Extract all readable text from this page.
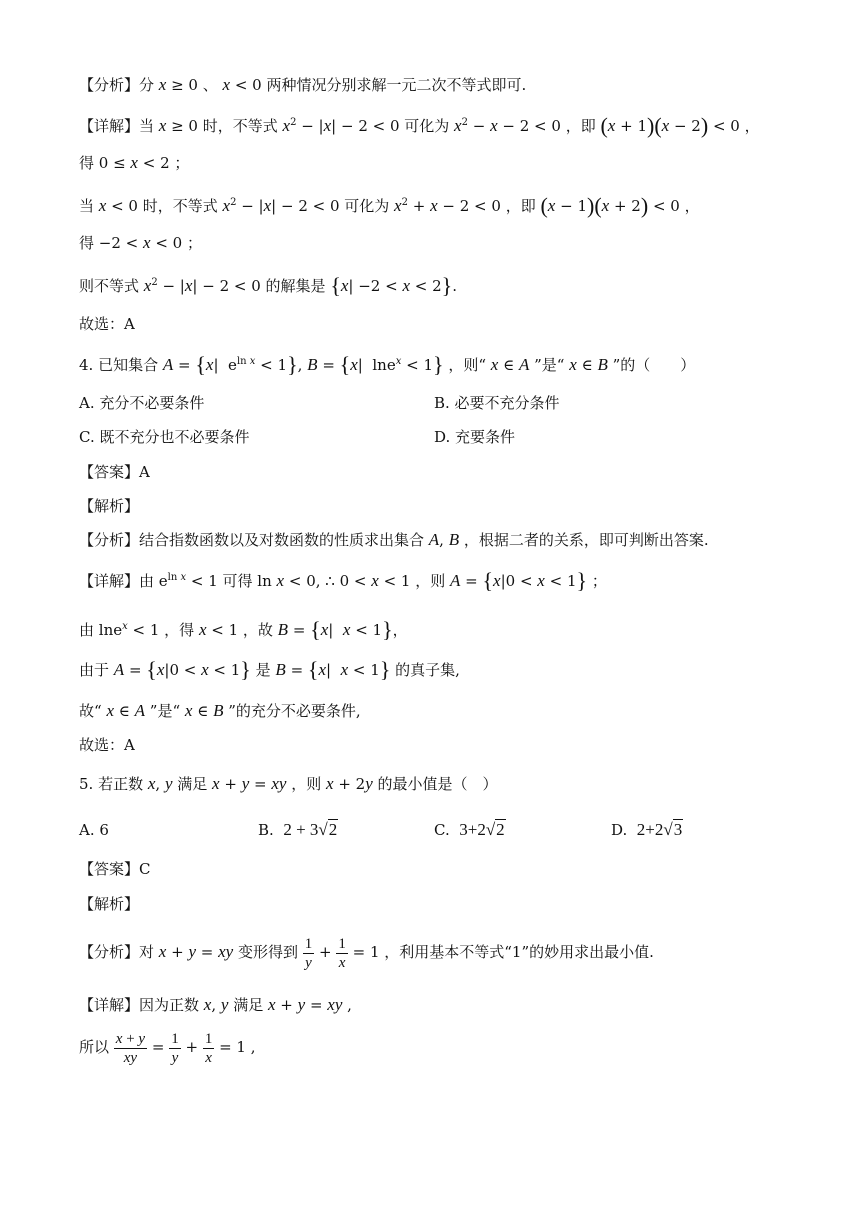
【分析】分 x ≥ 0 、 x < 0 两种情况分别求解一元二次不等式即可.
【详解】当 x ≥ 0 时，不等式 $x^2 - |x| - 2 < 0$ 可化为 $x^2 - x - 2 < 0$ ，即 (x + 1)(x − 2) < 0 ，
得 0 ≤ x < 2 ；
当 x < 0 时，不等式 $x^2 - |x| - 2 < 0$ 可化为 $x^2 + x - 2 < 0$ ，即 (x − 1)(x + 2) < 0 ，
得 −2 < x < 0 ；
则不等式 $x^2 - |x| - 2 < 0$ 的解集是 {x| −2 < x < 2}.
故选：A
4. 已知集合 A = {x|  $e^{ln x} < 1$}, B = {x|  lne$^x$ < 1} ，则“ x ∈ A ”是“ x ∈ B ”的（　　）
A. 充分不必要条件	B. 必要不充分条件
C. 既不充分也不必要条件	D. 充要条件
【答案】A
【解析】
【分析】结合指数函数以及对数函数的性质求出集合 A, B ，根据二者的关系，即可判断出答案.
【详解】由 $e^{ln x} < 1$ 可得 ln x < 0, ∴ 0 < x < 1 ，则 A = {x|0 < x < 1} ；
由 lne$^x$ < 1 ，得 x < 1 ，故 B = {x|  x < 1}，
由于 A = {x|0 < x < 1} 是 B = {x|  x < 1} 的真子集,
故“ x ∈ A ”是“ x ∈ B ”的充分不必要条件,
故选：A
5. 若正数 x, y 满足 x + y = xy ，则 x + 2y 的最小值是（　）
A. 6	B.  2 + 3√2	C.  3+2√2	D.  2+2√3
【答案】C
【解析】
【分析】对 x + y = xy 变形得到 $\frac{1}{y} + \frac{1}{x} = 1$ ，利用基本不等式“1”的妙用求出最小值.
【详解】因为正数 x, y 满足 x + y = xy ,
所以 $\frac{x + y}{xy} = \frac{1}{y} + \frac{1}{x} = 1$ ,
